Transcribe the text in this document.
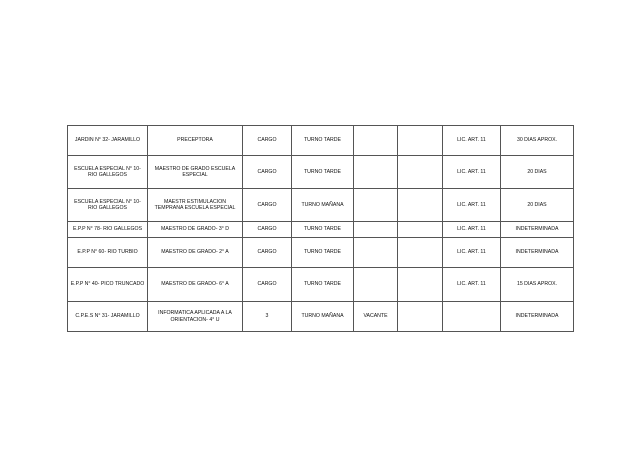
JARDIN N° 32- JARAMILLO	PRECEPTORA	CARGO	TURNO TARDE			LIC. ART. 11	30 DIAS APROX.
ESCUELA ESPECIAL N° 10- RIO GALLEGOS	MAESTRO DE GRADO ESCUELA ESPECIAL	CARGO	TURNO TARDE			LIC. ART. 11	20 DIAS
ESCUELA ESPECIAL N° 10- RIO GALLEGOS	MAESTR ESTIMULACION TEMPRANA ESCUELA ESPECIAL	CARGO	TURNO MAÑANA			LIC. ART. 11	20 DIAS
E.P.P N° 78- RIO GALLEGOS	MAESTRO DE GRADO- 3° D	CARGO	TURNO TARDE			LIC. ART. 11	INDETERMINADA
E.P.P N° 60- RIO TURBIO	MAESTRO DE GRADO- 2° A	CARGO	TURNO TARDE			LIC. ART. 11	INDETERMINADA
E.P.P N° 40- PICO TRUNCADO	MAESTRO DE GRADO- 6° A	CARGO	TURNO TARDE			LIC. ART. 11	15 DIAS APROX.
C.P.E.S N° 31- JARAMILLO	INFORMATICA APLICADA A LA ORIENTACION- 4° U	3	TURNO MAÑANA	VACANTE			INDETERMINADA
